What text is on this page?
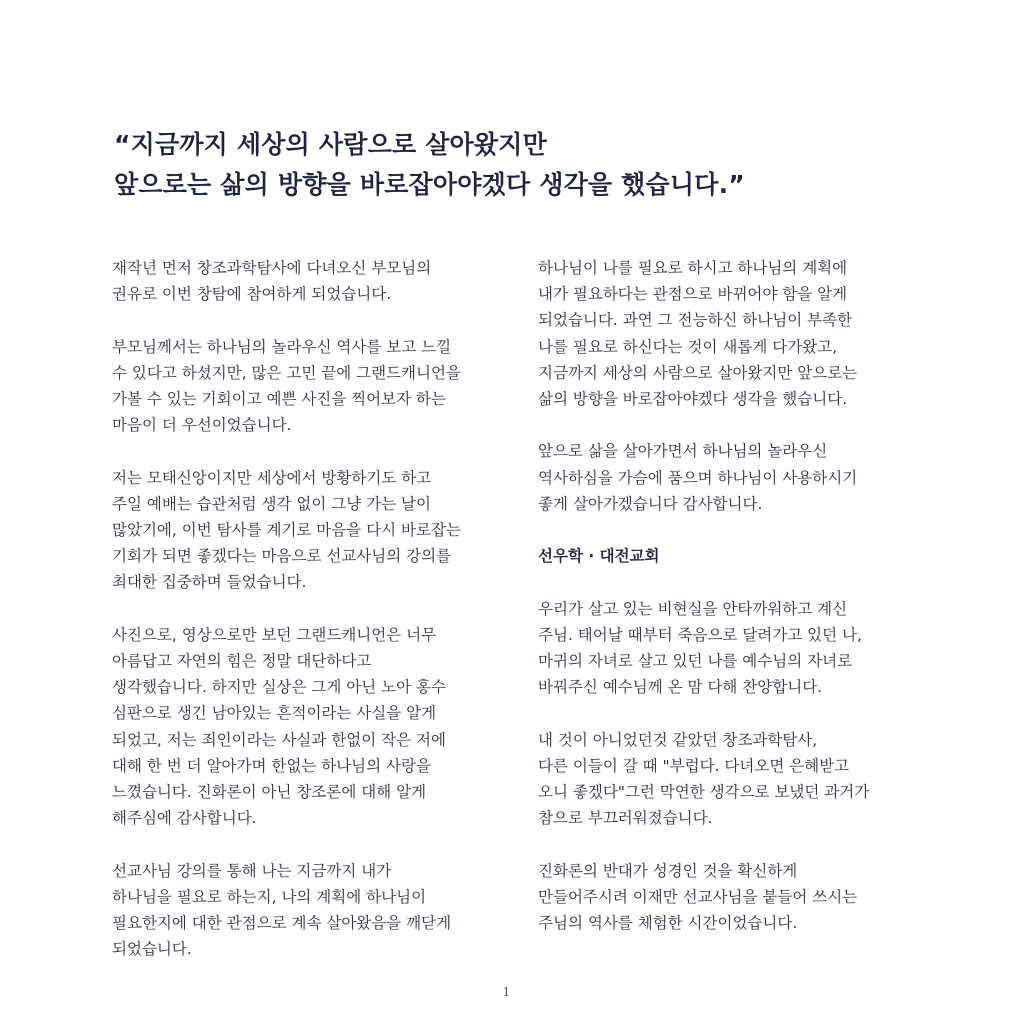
“지금까지 세상의 사람으로 살아왔지만
앞으로는 삶의 방향을 바로잡아야겠다 생각을 했습니다.”
재작년 먼저 창조과학탐사에 다녀오신 부모님의
권유로 이번 창탐에 참여하게 되었습니다.
부모님께서는 하나님의 놀라우신 역사를 보고 느낄
수 있다고 하셨지만, 많은 고민 끝에 그랜드캐니언을
가볼 수 있는 기회이고 예쁜 사진을 찍어보자 하는
마음이 더 우선이었습니다.
저는 모태신앙이지만 세상에서 방황하기도 하고
주일 예배는 습관처럼 생각 없이 그냥 가는 날이
많았기에, 이번 탐사를 계기로 마음을 다시 바로잡는
기회가 되면 좋겠다는 마음으로 선교사님의 강의를
최대한 집중하며 들었습니다.
사진으로, 영상으로만 보던 그랜드캐니언은 너무
아름답고 자연의 힘은 정말 대단하다고
생각했습니다. 하지만 실상은 그게 아닌 노아 홍수
심판으로 생긴 남아있는 흔적이라는 사실을 알게
되었고, 저는 죄인이라는 사실과 한없이 작은 저에
대해 한 번 더 알아가며 한없는 하나님의 사랑을
느꼈습니다. 진화론이 아닌 창조론에 대해 알게
해주심에 감사합니다.
선교사님 강의를 통해 나는 지금까지 내가
하나님을 필요로 하는지, 나의 계획에 하나님이
필요한지에 대한 관점으로 계속 살아왔음을 깨닫게
되었습니다.
하나님이 나를 필요로 하시고 하나님의 계획에
내가 필요하다는 관점으로 바뀌어야 함을 알게
되었습니다. 과연 그 전능하신 하나님이 부족한
나를 필요로 하신다는 것이 새롭게 다가왔고,
지금까지 세상의 사람으로 살아왔지만 앞으로는
삶의 방향을 바로잡아야겠다 생각을 했습니다.
앞으로 삶을 살아가면서 하나님의 놀라우신
역사하심을 가슴에 품으며 하나님이 사용하시기
좋게 살아가겠습니다 감사합니다.
선우학 · 대전교회
우리가 살고 있는 비현실을 안타까워하고 계신
주님. 태어날 때부터 죽음으로 달려가고 있던 나,
마귀의 자녀로 살고 있던 나를 예수님의 자녀로
바꿔주신 예수님께 온 맘 다해 찬양합니다.
내 것이 아니었던것 같았던 창조과학탐사,
다른 이들이 갈 때 "부럽다. 다녀오면 은혜받고
오니 좋겠다"그런 막연한 생각으로 보냈던 과거가
참으로 부끄러워졌습니다.
진화론의 반대가 성경인 것을 확신하게
만들어주시려 이재만 선교사님을 붙들어 쓰시는
주님의 역사를 체험한 시간이었습니다.
1
